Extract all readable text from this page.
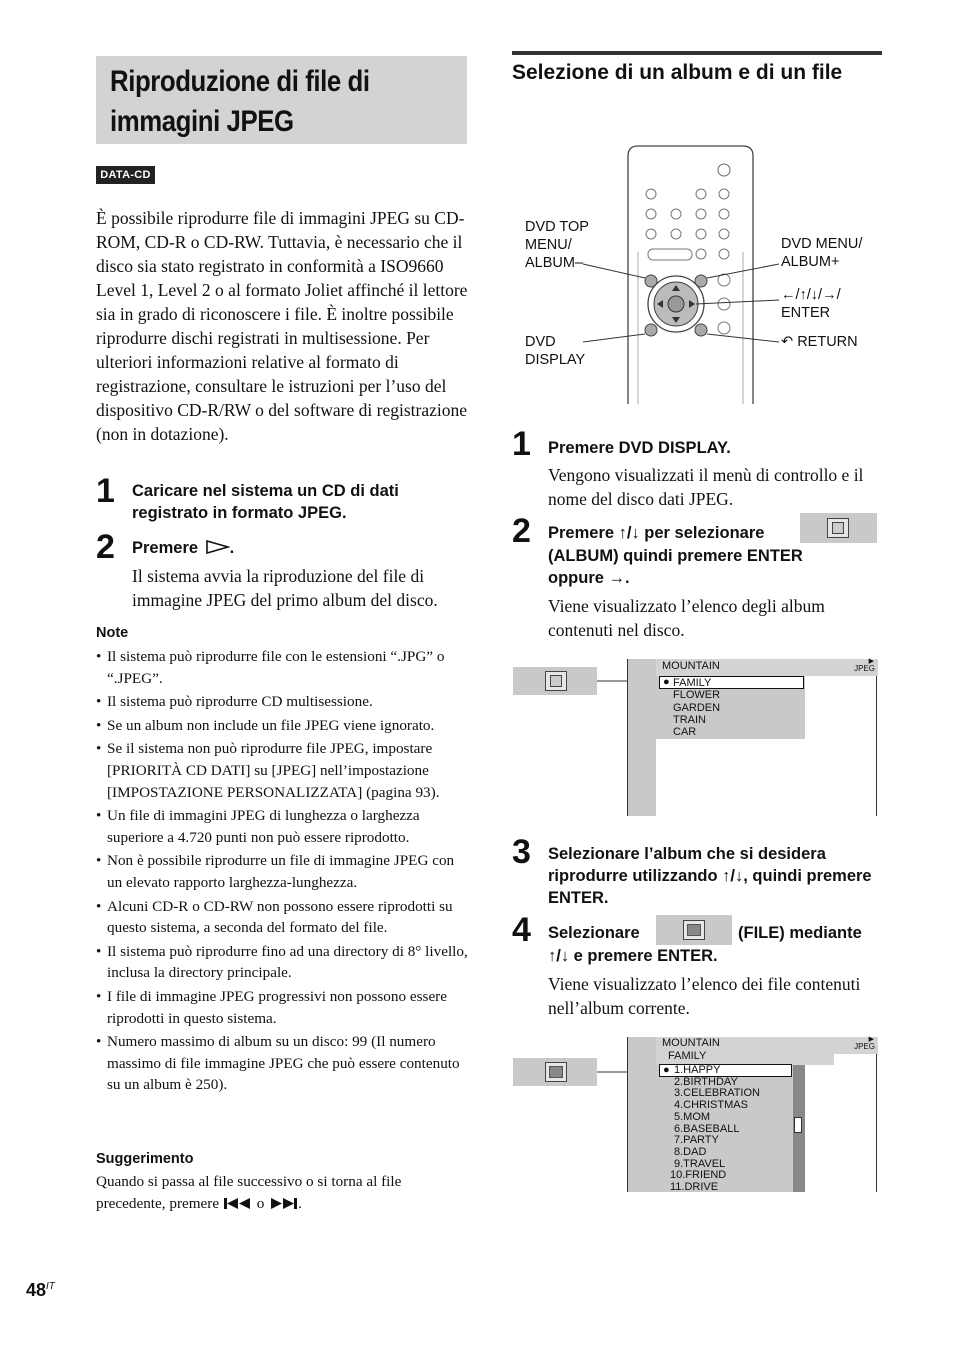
Riproduzione di file di
immagini JPEG
DATA-CD

È possibile riprodurre file di immagini JPEG su CD-ROM, CD-R o CD-RW. Tuttavia, è necessario che il disco sia stato registrato in conformità a ISO9660 Level 1, Level 2 o al formato Joliet affinché il lettore sia in grado di riconoscere i file. È inoltre possibile riprodurre dischi registrati in multisessione. Per ulteriori informazioni relative al formato di registrazione, consultare le istruzioni per l’uso del dispositivo CD-R/RW o del software di registrazione (non in dotazione).

1 Caricare nel sistema un CD di dati registrato in formato JPEG.
2 Premere .

Il sistema avvia la riproduzione del file di immagine JPEG del primo album del disco.

Note
• Il sistema può riprodurre file con le estensioni “.JPG” o “.JPEG”.
• Il sistema può riprodurre CD multisessione.
• Se un album non include un file JPEG viene ignorato.
• Se il sistema non può riprodurre file JPEG, impostare [PRIORITÀ CD DATI] su [JPEG] nell’impostazione [IMPOSTAZIONE PERSONALIZZATA] (pagina 93).
• Un file di immagini JPEG di lunghezza o larghezza superiore a 4.720 punti non può essere riprodotto.
• Non è possibile riprodurre un file di immagine JPEG con un elevato rapporto larghezza-lunghezza.
• Alcuni CD-R o CD-RW non possono essere riprodotti su questo sistema, a seconda del formato del file.
• Il sistema può riprodurre fino ad una directory di 8° livello, inclusa la directory principale.
• I file di immagine JPEG progressivi non possono essere riprodotti in questo sistema.
• Numero massimo di album su un disco: 99 (Il numero massimo di file immagine JPEG che può essere contenuto su un album è 250).
Suggerimento

Quando si passa al file successivo o si torna al file precedente, premere o .

$48^{IT}$
Selezione di un album e di un file
DVD TOP
MENU/
ALBUM–
DVD MENU/
ALBUM+
←/↑/↓/→/
ENTER
↶ RETURN
DVD
DISPLAY
1 Premere DVD DISPLAY.

Vengono visualizzati il menù di controllo e il nome del disco dati JPEG.

2 Premere ↑/↓ per selezionare
(ALBUM) quindi premere ENTER
oppure →.

Viene visualizzato l’elenco degli album contenuti nel disco.

▶
JPEG
MOUNTAIN
● FAMILY
FLOWER
GARDEN
TRAIN
CAR
3 Selezionare l’album che si desidera riprodurre utilizzando ↑/↓, quindi premere ENTER.
4 Selezionare	(FILE) mediante
↑/↓ e premere ENTER.

Viene visualizzato l’elenco dei file contenuti nell’album corrente.

▶
JPEG
MOUNTAIN
FAMILY
● 1.HAPPY
2.BIRTHDAY
3.CELEBRATION
4.CHRISTMAS
5.MOM
6.BASEBALL
7.PARTY
8.DAD
9.TRAVEL
10.FRIEND
11.DRIVE
